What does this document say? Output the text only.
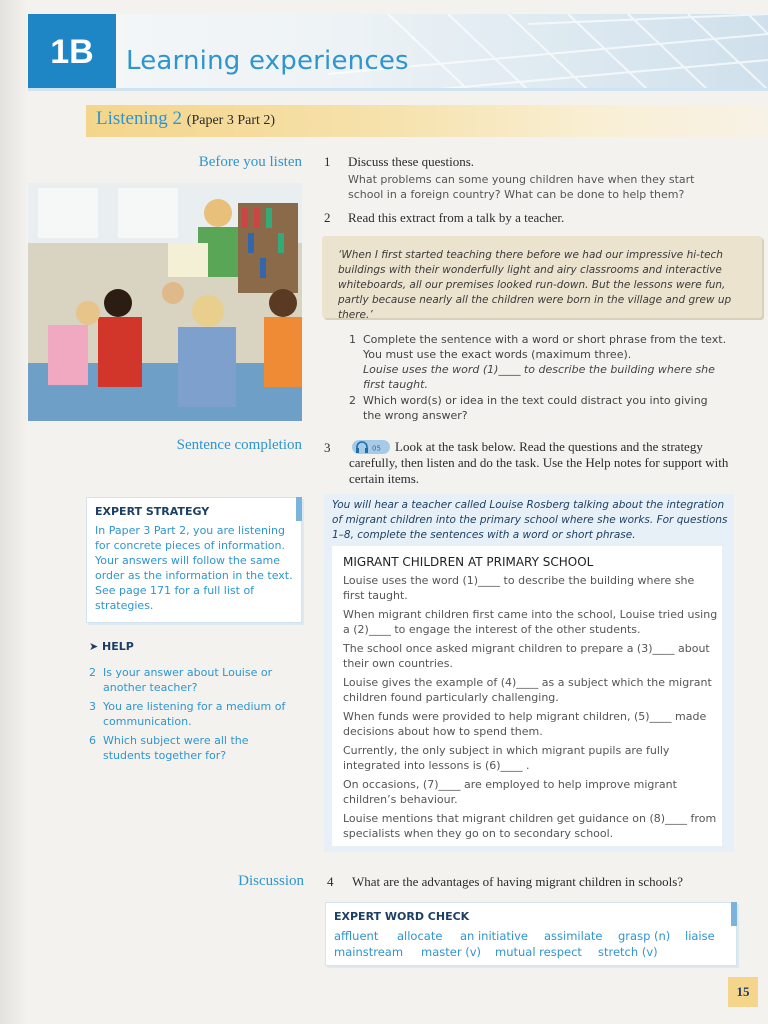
1B	Learning experiences
Listening 2 (Paper 3 Part 2)
Before you listen
Sentence completion
Discussion
1 Discuss these questions.
What problems can some young children have when they start school in a foreign country? What can be done to help them?
2 Read this extract from a talk by a teacher.
‘When I first started teaching there before we had our impressive hi-tech buildings with their wonderfully light and airy classrooms and interactive whiteboards, all our premises looked run-down. But the lessons were fun, partly because nearly all the children were born in the village and grew up there.’
1 Complete the sentence with a word or short phrase from the text. You must use the exact words (maximum three).
Louise uses the word (1)____ to describe the building where she first taught.
2 Which word(s) or idea in the text could distract you into giving the wrong answer?
3	05	Look at the task below. Read the questions and the strategy carefully, then listen and do the task. Use the Help notes for support with certain items.
EXPERT STRATEGY
In Paper 3 Part 2, you are listening for concrete pieces of information. Your answers will follow the same order as the information in the text. See page 171 for a full list of strategies.
➤ HELP
2 Is your answer about Louise or another teacher?
3 You are listening for a medium of communication.
6 Which subject were all the students together for?
You will hear a teacher called Louise Rosberg talking about the integration of migrant children into the primary school where she works. For questions 1–8, complete the sentences with a word or short phrase.
MIGRANT CHILDREN AT PRIMARY SCHOOL
Louise uses the word (1)____ to describe the building where she first taught.
When migrant children first came into the school, Louise tried using a (2)____ to engage the interest of the other students.
The school once asked migrant children to prepare a (3)____ about their own countries.
Louise gives the example of (4)____ as a subject which the migrant children found particularly challenging.
When funds were provided to help migrant children, (5)____ made decisions about how to spend them.
Currently, the only subject in which migrant pupils are fully integrated into lessons is (6)____ .
On occasions, (7)____ are employed to help improve migrant children’s behaviour.
Louise mentions that migrant children get guidance on (8)____ from specialists when they go on to secondary school.
4 What are the advantages of having migrant children in schools?
EXPERT WORD CHECK
affluent allocate an initiative assimilate grasp (n) liaise
mainstream master (v) mutual respect stretch (v)
15
